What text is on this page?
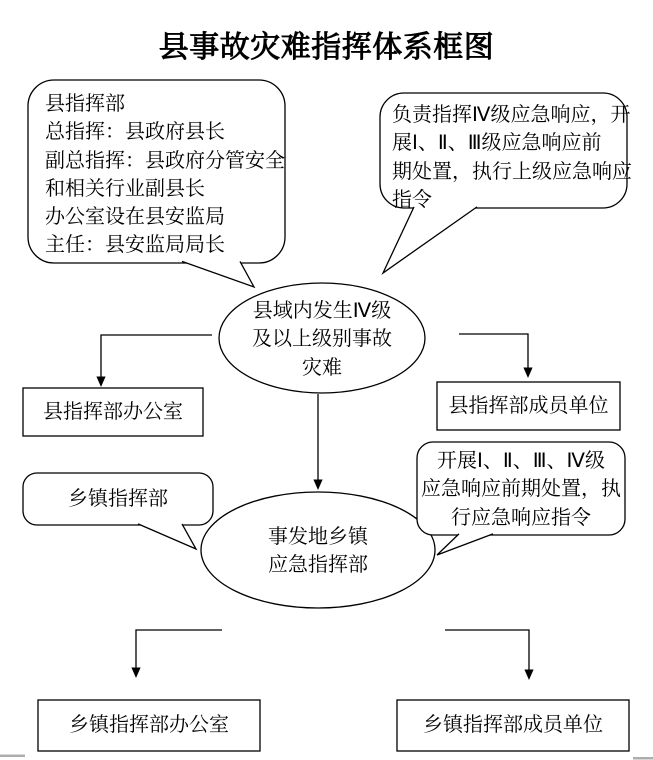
县事故灾难指挥体系框图
县指挥部
总指挥：县政府县长
副总指挥：县政府分管安全
和相关行业副县长
办公室设在县安监局
主任：县安监局局长
负责指挥Ⅳ级应急响应，开
展Ⅰ、Ⅱ、Ⅲ级应急响应前
期处置，执行上级应急响应
指令
县域内发生Ⅳ级
及以上级别事故
灾难
县指挥部办公室	县指挥部成员单位
乡镇指挥部
开展Ⅰ、Ⅱ、Ⅲ、Ⅳ级
应急响应前期处置，执
行应急响应指令
事发地乡镇
应急指挥部
乡镇指挥部办公室	乡镇指挥部成员单位
